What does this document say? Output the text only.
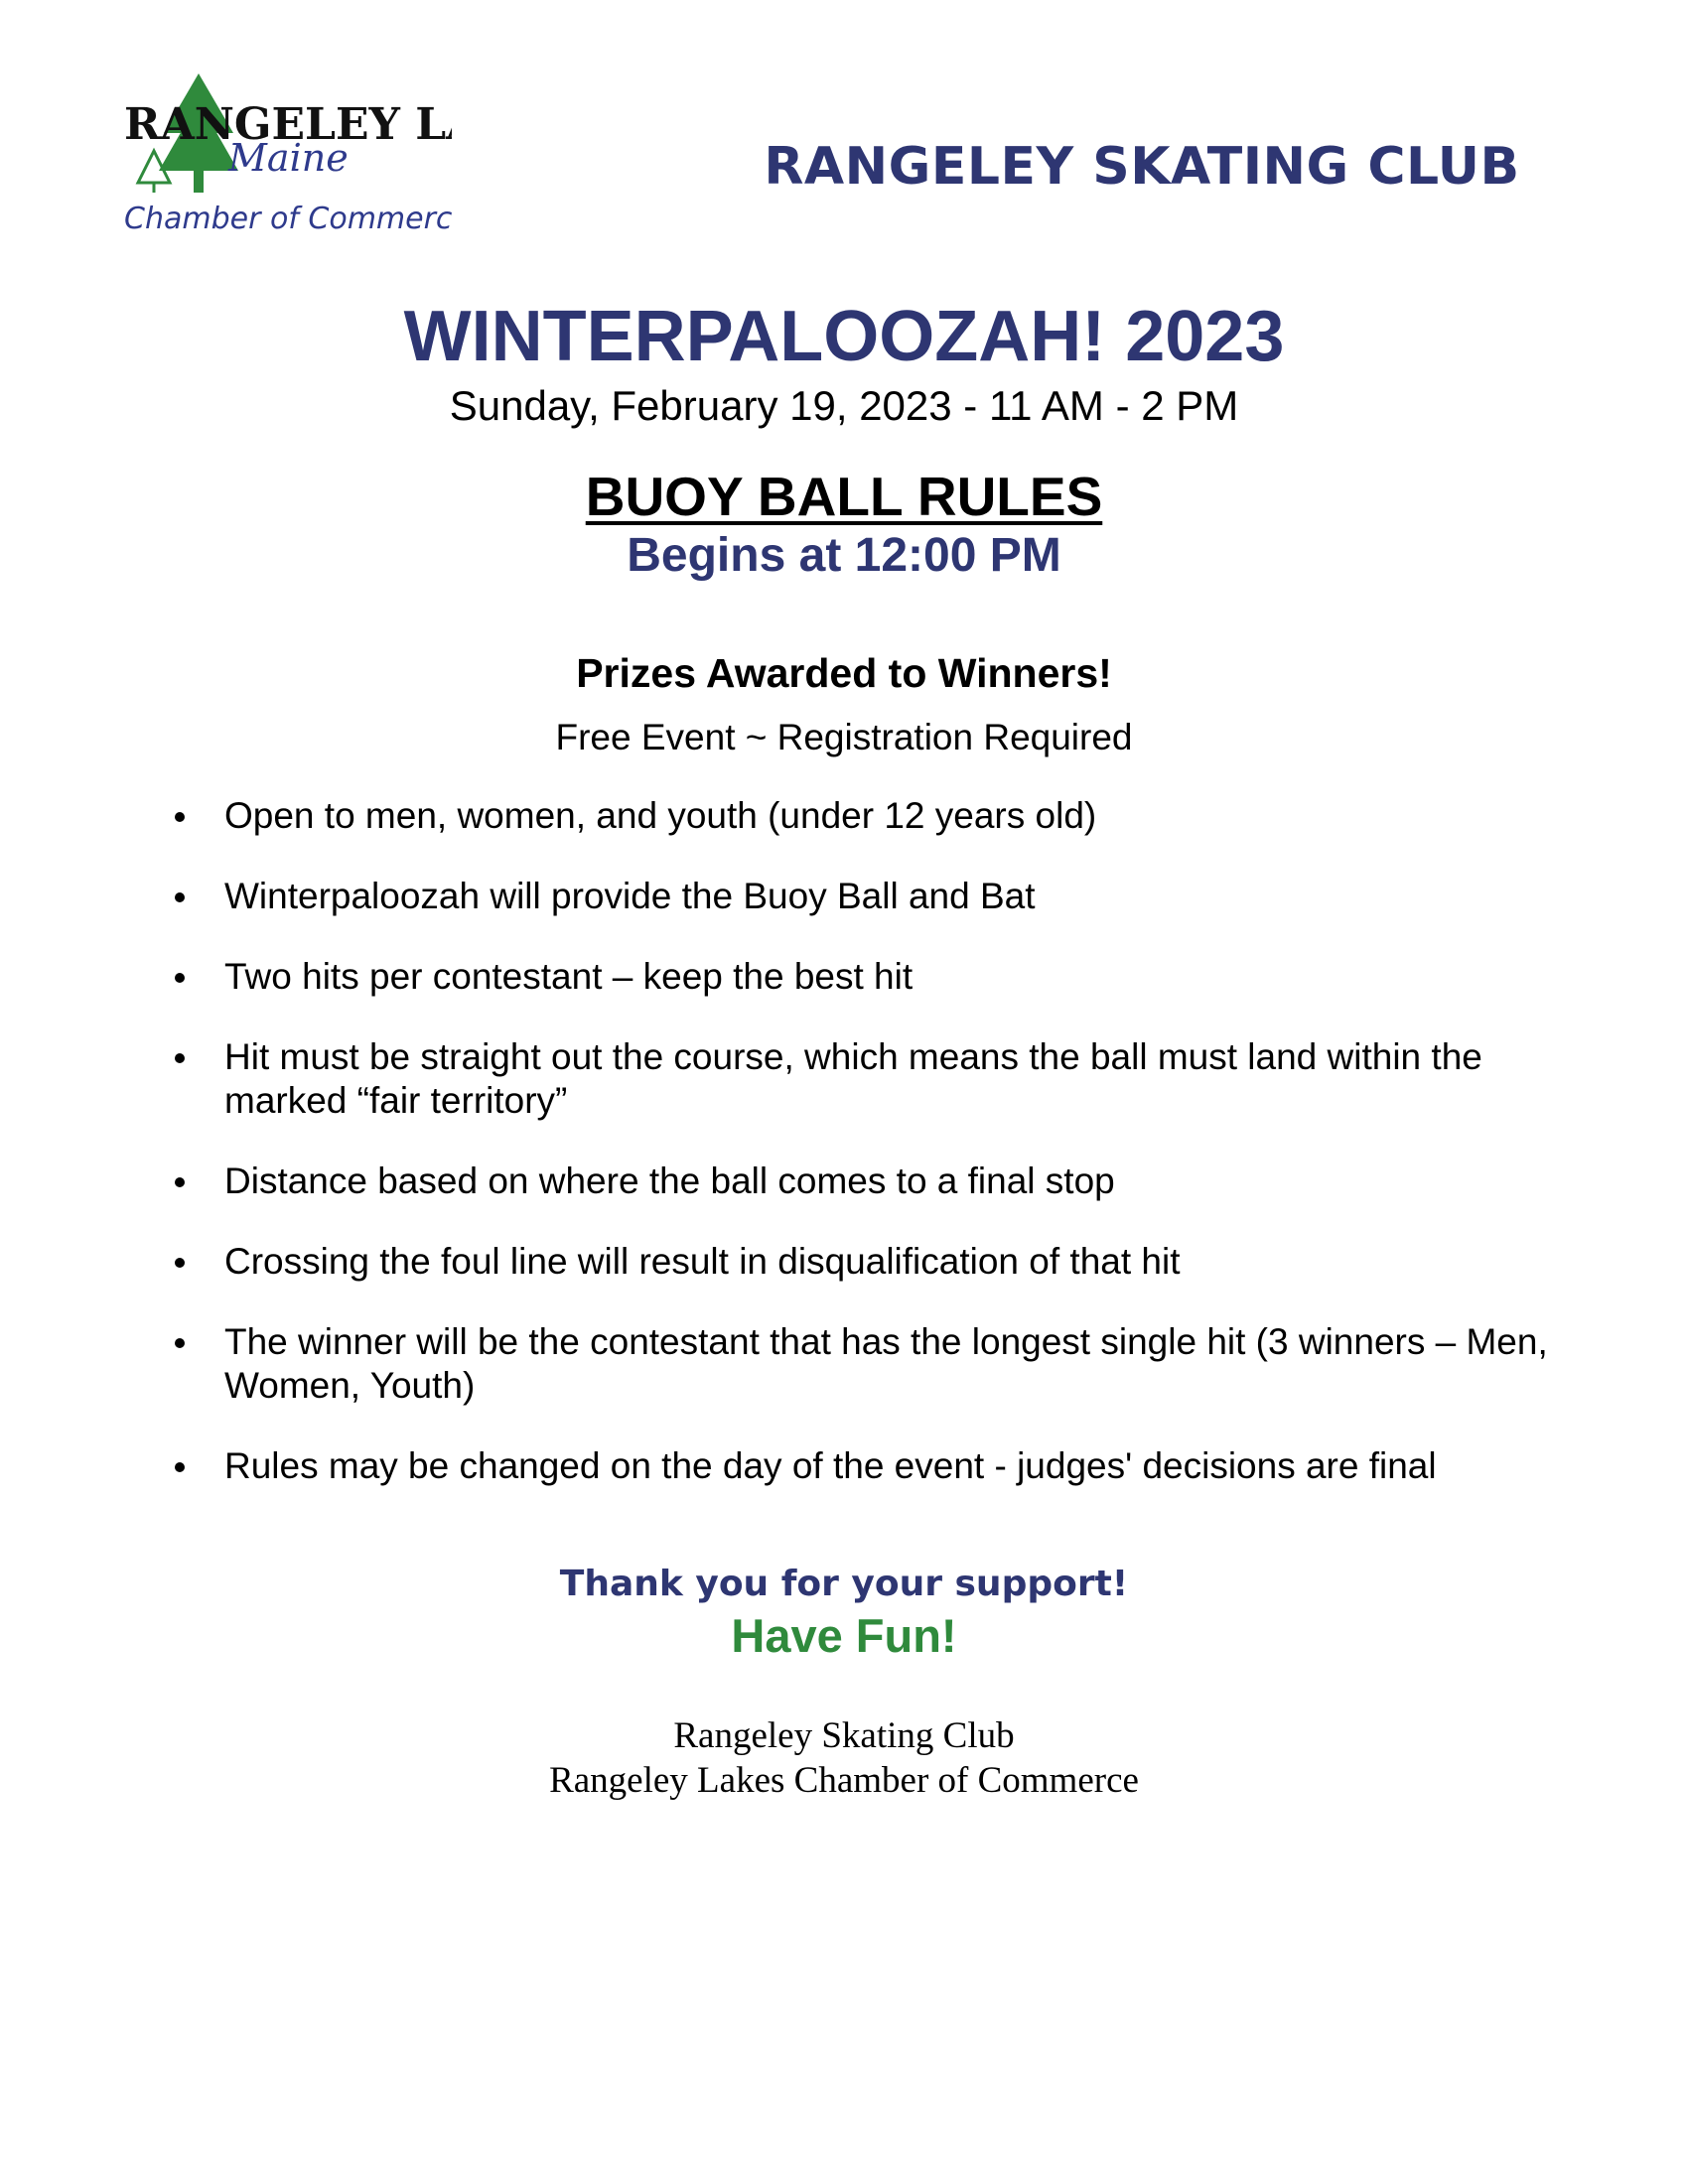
RANGELEY L
Maine
Chamber of Commerce
RANGELEY SKATING CLUB
WINTERPALOOZAH! 2023
Sunday, February 19, 2023 - 11 AM - 2 PM
BUOY BALL RULES
Begins at 12:00 PM
Prizes Awarded to Winners!
Free Event ~ Registration Required
Open to men, women, and youth (under 12 years old)
Winterpaloozah will provide the Buoy Ball and Bat
Two hits per contestant – keep the best hit
Hit must be straight out the course, which means the ball must land within the marked “fair territory”
Distance based on where the ball comes to a final stop
Crossing the foul line will result in disqualification of that hit
The winner will be the contestant that has the longest single hit (3 winners – Men, Women, Youth)
Rules may be changed on the day of the event - judges' decisions are final
Thank you for your support!
Have Fun!
Rangeley Skating Club
Rangeley Lakes Chamber of Commerce
